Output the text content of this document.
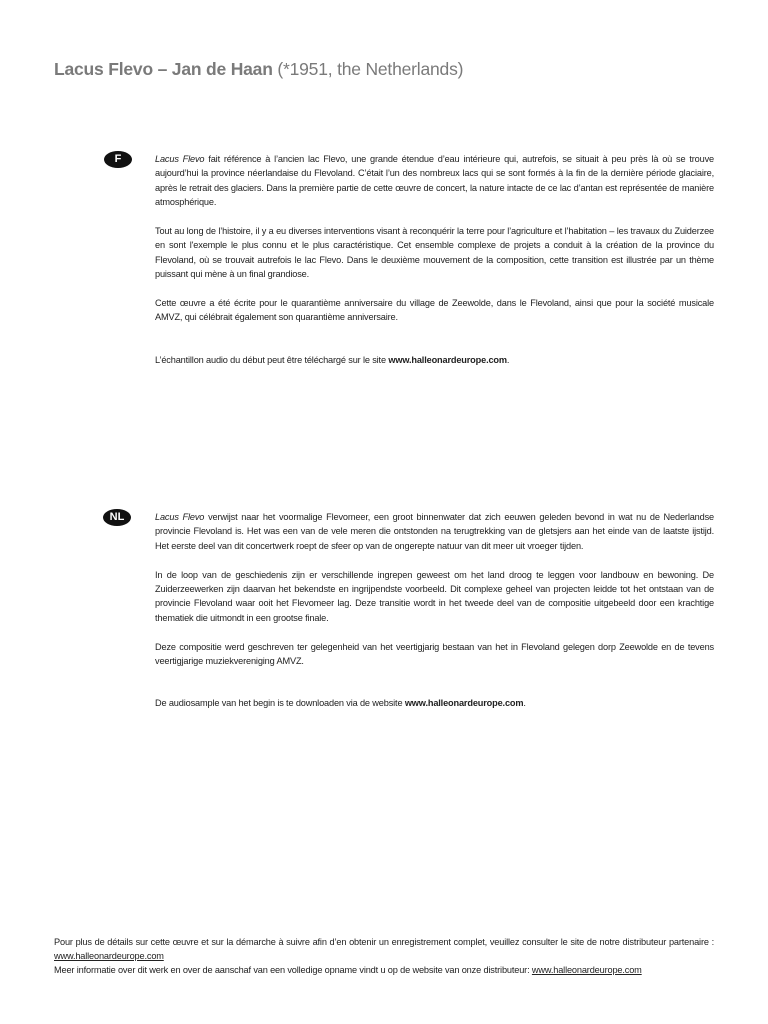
Lacus Flevo – Jan de Haan (*1951, the Netherlands)
F	Lacus Flevo fait référence à l’ancien lac Flevo, une grande étendue d’eau intérieure qui, autrefois, se situait à peu près là où se trouve aujourd’hui la province néerlandaise du Flevoland. C’était l’un des nombreux lacs qui se sont formés à la fin de la dernière période glaciaire, après le retrait des glaciers. Dans la première partie de cette œuvre de concert, la nature intacte de ce lac d’antan est représentée de manière atmosphérique.

Tout au long de l’histoire, il y a eu diverses interventions visant à reconquérir la terre pour l’agriculture et l’habitation – les travaux du Zuiderzee en sont l'exemple le plus connu et le plus caractéristique. Cet ensemble complexe de projets a conduit à la création de la province du Flevoland, où se trouvait autrefois le lac Flevo. Dans le deuxième mouvement de la composition, cette transition est illustrée par un thème puissant qui mène à un final grandiose.

Cette œuvre a été écrite pour le quarantième anniversaire du village de Zeewolde, dans le Flevoland, ainsi que pour la société musicale AMVZ, qui célébrait également son quarantième anniversaire.

L’échantillon audio du début peut être téléchargé sur le site www.halleonardeurope.com.

NL	Lacus Flevo verwijst naar het voormalige Flevomeer, een groot binnenwater dat zich eeuwen geleden bevond in wat nu de Nederlandse provincie Flevoland is. Het was een van de vele meren die ontstonden na terugtrekking van de gletsjers aan het einde van de laatste ijstijd. Het eerste deel van dit concertwerk roept de sfeer op van de ongerepte natuur van dit meer uit vroeger tijden.

In de loop van de geschiedenis zijn er verschillende ingrepen geweest om het land droog te leggen voor landbouw en bewoning. De Zuiderzeewerken zijn daarvan het bekendste en ingrijpendste voorbeeld. Dit complexe geheel van projecten leidde tot het ontstaan van de provincie Flevoland waar ooit het Flevomeer lag. Deze transitie wordt in het tweede deel van de compositie uitgebeeld door een krachtige thematiek die uitmondt in een grootse finale.

Deze compositie werd geschreven ter gelegenheid van het veertigjarig bestaan van het in Flevoland gelegen dorp Zeewolde en de tevens veertigjarige muziekvereniging AMVZ.

De audiosample van het begin is te downloaden via de website www.halleonardeurope.com.

Pour plus de détails sur cette œuvre et sur la démarche à suivre afin d’en obtenir un enregistrement complet, veuillez consulter le site de notre distributeur partenaire : www.halleonardeurope.com

Meer informatie over dit werk en over de aanschaf van een volledige opname vindt u op de website van onze distributeur: www.halleonardeurope.com
